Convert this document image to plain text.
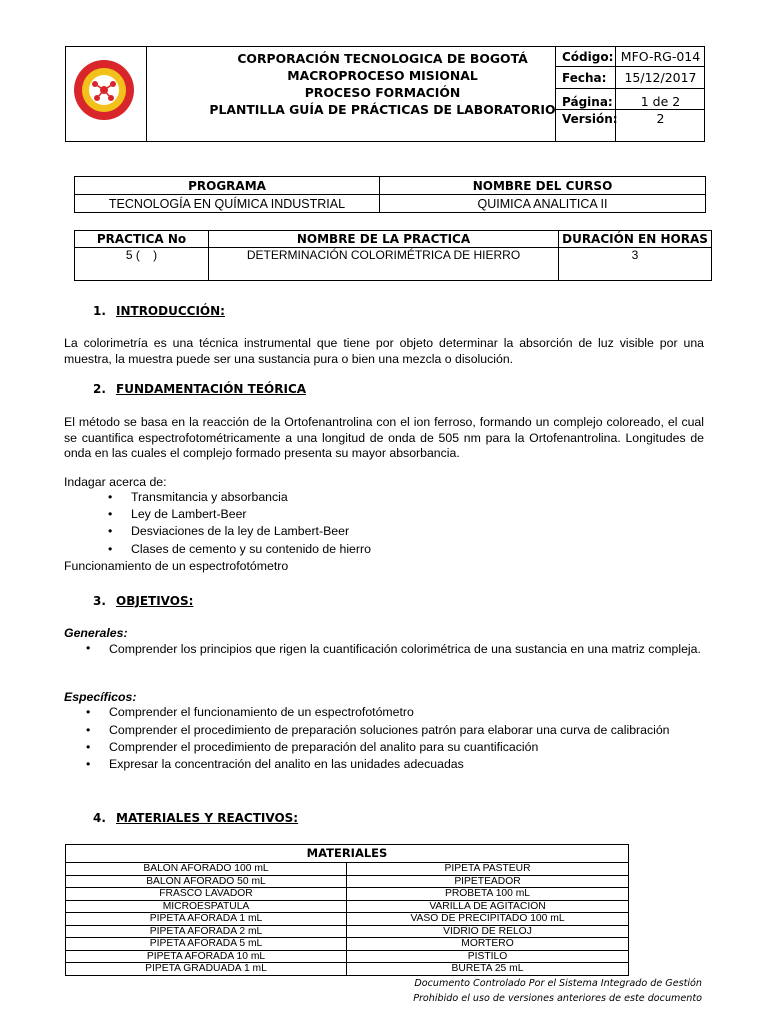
CORPORACIÓN TECNOLOGICA DE BOGOTÁ
MACROPROCESO MISIONAL
PROCESO FORMACIÓN
PLANTILLA GUÍA DE PRÁCTICAS DE LABORATORIO
Código: MFO-RG-014
Fecha:	15/12/2017
Página:	1 de 2
Versión:	2
PROGRAMA	NOMBRE DEL CURSO
TECNOLOGÍA EN QUÍMICA INDUSTRIAL	QUIMICA ANALITICA II
PRACTICA No	NOMBRE DE LA PRACTICA	DURACIÓN EN HORAS
5 (    )	DETERMINACIÓN COLORIMÉTRICA DE HIERRO	3
1. INTRODUCCIÓN:
La colorimetría es una técnica instrumental que tiene por objeto determinar la absorción de luz visible por una muestra, la muestra puede ser una sustancia pura o bien una mezcla o disolución.
2. FUNDAMENTACIÓN TEÓRICA
El método se basa en la reacción de la Ortofenantrolina con el ion ferroso, formando un complejo coloreado, el cual se cuantifica espectrofotométricamente a una longitud de onda de 505 nm para la Ortofenantrolina. Longitudes de onda en las cuales el complejo formado presenta su mayor absorbancia.
Indagar acerca de:
• Transmitancia y absorbancia
• Ley de Lambert-Beer
• Desviaciones de la ley de Lambert-Beer
• Clases de cemento y su contenido de hierro
Funcionamiento de un espectrofotómetro
3. OBJETIVOS:
Generales:
• Comprender los principios que rigen la cuantificación colorimétrica de una sustancia en una matriz compleja.
Específicos:
• Comprender el funcionamiento de un espectrofotómetro
• Comprender el procedimiento de preparación soluciones patrón para elaborar una curva de calibración
• Comprender el procedimiento de preparación del analito para su cuantificación
• Expresar la concentración del analito en las unidades adecuadas
4. MATERIALES Y REACTIVOS:
MATERIALES	
BALON AFORADO 100 mL	PIPETA PASTEUR
BALON AFORADO 50 mL	PIPETEADOR
FRASCO LAVADOR	PROBETA 100 mL
MICROESPATULA	VARILLA DE AGITACIÓN
PIPETA AFORADA 1 mL	VASO DE PRECIPITADO 100 mL
PIPETA AFORADA 2 mL	VIDRIO DE RELOJ
PIPETA AFORADA 5 mL	MORTERO
PIPETA AFORADA 10 mL	PISTILO
PIPETA GRADUADA 1 mL	BURETA 25 mL
Documento Controlado Por el Sistema Integrado de Gestión
Prohibido el uso de versiones anteriores de este documento
